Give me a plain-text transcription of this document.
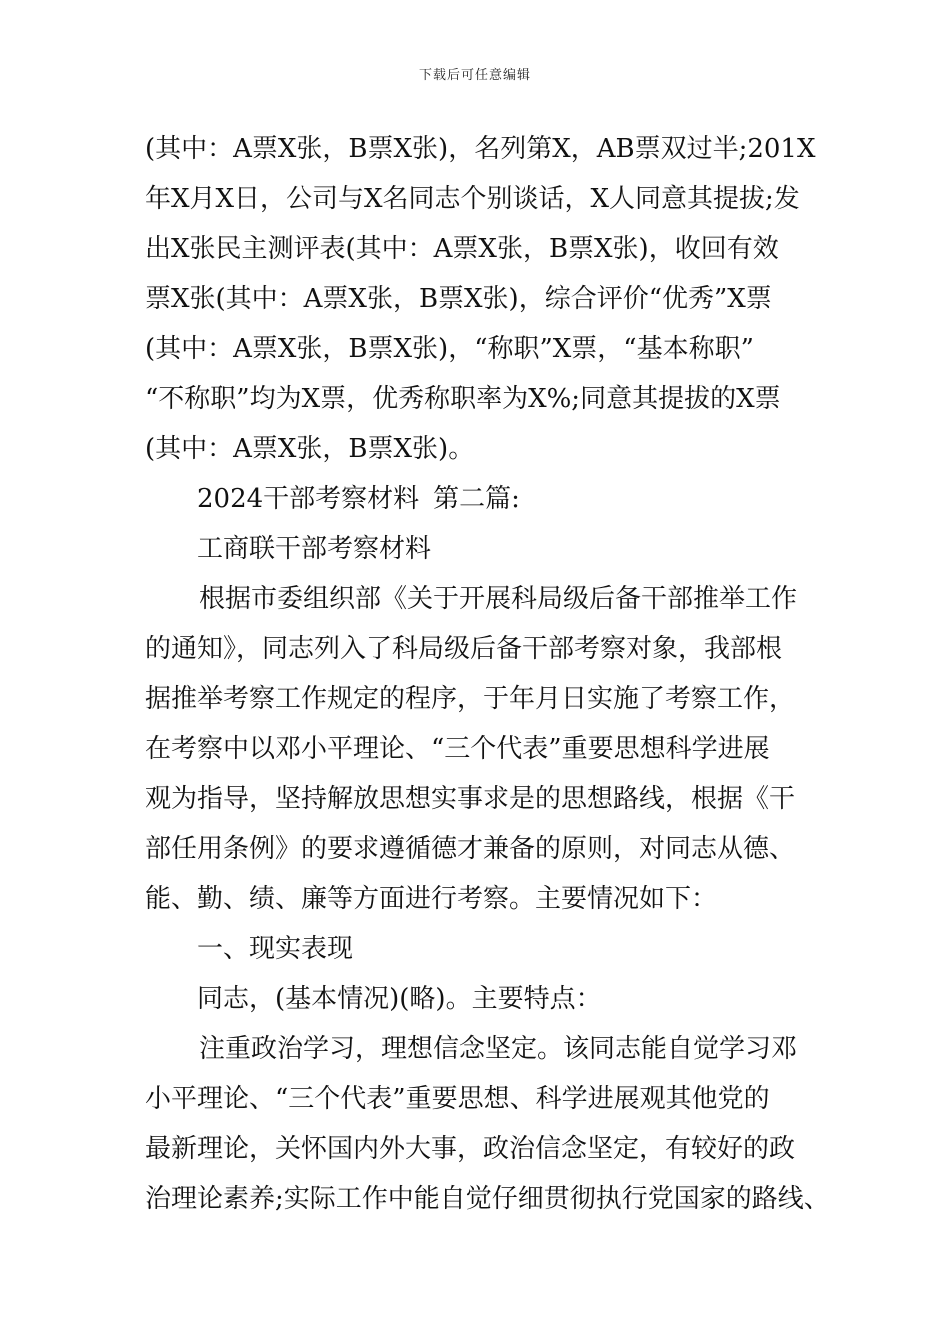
下载后可任意编辑
(其中：A票X张，B票X张)，名列第X，AB票双过半;201X
年X月X日，公司与X名同志个别谈话，X人同意其提拔;发
出X张民主测评表(其中：A票X张，B票X张)，收回有效
票X张(其中：A票X张，B票X张)，综合评价“优秀”X票
(其中：A票X张，B票X张)，“称职”X票，“基本称职”
“不称职”均为X票，优秀称职率为X%;同意其提拔的X票
(其中：A票X张，B票X张)。
2024干部考察材料 第二篇:
工商联干部考察材料
根据市委组织部《关于开展科局级后备干部推举工作
的通知》，同志列入了科局级后备干部考察对象，我部根
据推举考察工作规定的程序，于年月日实施了考察工作，
在考察中以邓小平理论、“三个代表”重要思想科学进展
观为指导，坚持解放思想实事求是的思想路线，根据《干
部任用条例》的要求遵循德才兼备的原则，对同志从德、
能、勤、绩、廉等方面进行考察。主要情况如下：
一、现实表现
同志，(基本情况)(略)。主要特点：
注重政治学习，理想信念坚定。该同志能自觉学习邓
小平理论、“三个代表”重要思想、科学进展观其他党的
最新理论，关怀国内外大事，政治信念坚定，有较好的政
治理论素养;实际工作中能自觉仔细贯彻执行党国家的路线、
